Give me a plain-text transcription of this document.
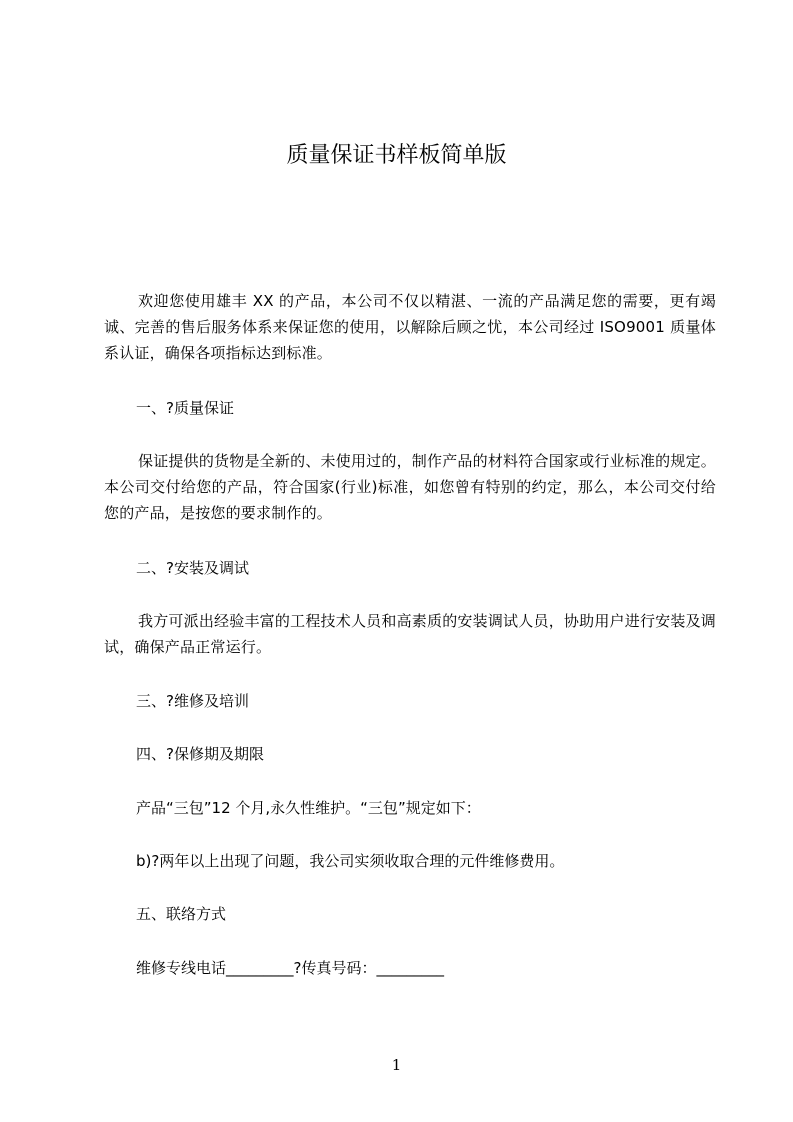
质量保证书样板简单版
欢迎您使用雄丰 XX 的产品，本公司不仅以精湛、一流的产品满足您的需要，更有竭诚、完善的售后服务体系来保证您的使用，以解除后顾之忧，本公司经过 ISO9001 质量体系认证，确保各项指标达到标准。
一、?质量保证
保证提供的货物是全新的、未使用过的，制作产品的材料符合国家或行业标准的规定。本公司交付给您的产品，符合国家(行业)标准，如您曾有特别的约定，那么，本公司交付给您的产品，是按您的要求制作的。
二、?安装及调试
我方可派出经验丰富的工程技术人员和高素质的安装调试人员，协助用户进行安装及调试，确保产品正常运行。
三、?维修及培训
四、?保修期及期限
产品“三包”12 个月,永久性维护。“三包”规定如下：
b)?两年以上出现了问题，我公司实须收取合理的元件维修费用。
五、联络方式
维修专线电话_________?传真号码：_________
1
